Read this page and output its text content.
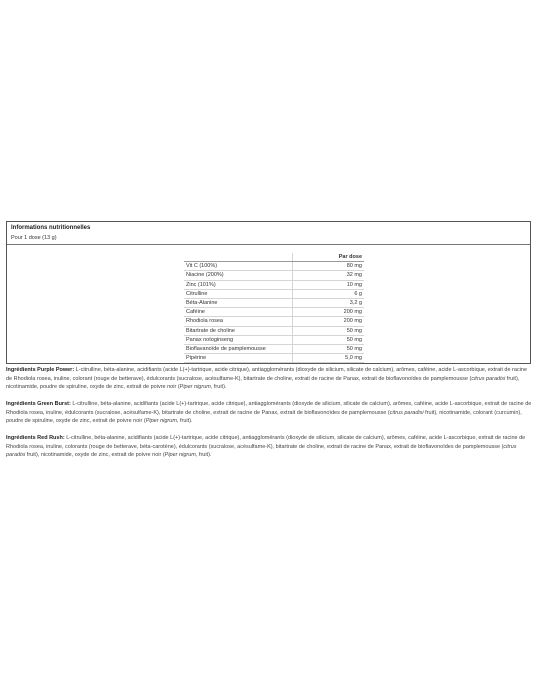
Informations nutritionnelles
Pour 1 dose (13 g)
	Par dose
Vit C (100%)	80 mg
Niacine (200%)	32 mg
Zinc (101%)	10 mg
Citrulline	6 g
Béta-Alanine	3,2 g
Caféine	200 mg
Rhodiola rosea	200 mg
Bitartrate de choline	50 mg
Panax notoginseng	50 mg
Bioflavanoïde de pamplemousse	50 mg
Pipérine	5,0 mg

Ingrédients Purple Power: L-citrulline, béta-alanine, acidifiants (acide L(+)-tartrique, acide citrique), antiagglomérants (dioxyde de silicium, silicate de calcium), arômes, caféine, acide L-ascorbique, extrait de racine de Rhodiola rosea, inuline, colorant (rouge de betterave), édulcorants (sucralose, acésulfame-K), bitartrate de choline, extrait de racine de Panax, extrait de bioflavonoïdes de pamplemousse (citrus paradisi fruit), nicotinamide, poudre de spiruline, oxyde de zinc, extrait de poivre noir (Piper nigrum, fruit).

Ingrédients Green Burst: L-citrulline, béta-alanine, acidifiants (acide L(+)-tartrique, acide citrique), antiagglomérants (dioxyde de silicium, silicate de calcium), arômes, caféine, acide L-ascorbique, extrait de racine de Rhodiola rosea, inuline, édulcorants (sucralose, acésulfame-K), bitartrate de choline, extrait de racine de Panax, extrait de bioflavonoïdes de pamplemousse (citrus paradisi fruit), nicotinamide, colorant (curcumin), poudre de spiruline, oxyde de zinc, extrait de poivre noir (Piper nigrum, fruit).

Ingrédients Red Rush: L-citrulline, béta-alanine, acidifiants (acide L(+)-tartrique, acide citrique), antiagglomérants (dioxyde de silicium, silicate de calcium), arômes, caféine, acide L-ascorbique, extrait de racine de Rhodiola rosea, inuline, colorants (rouge de betterave, béta-carotène), édulcorants (sucralose, acésulfame-K), bitartrate de choline, extrait de racine de Panax, extrait de bioflavonoïdes de pamplemousse (citrus paradisi fruit), nicotinamide, oxyde de zinc, extrait de poivre noir (Piper nigrum, fruit).
